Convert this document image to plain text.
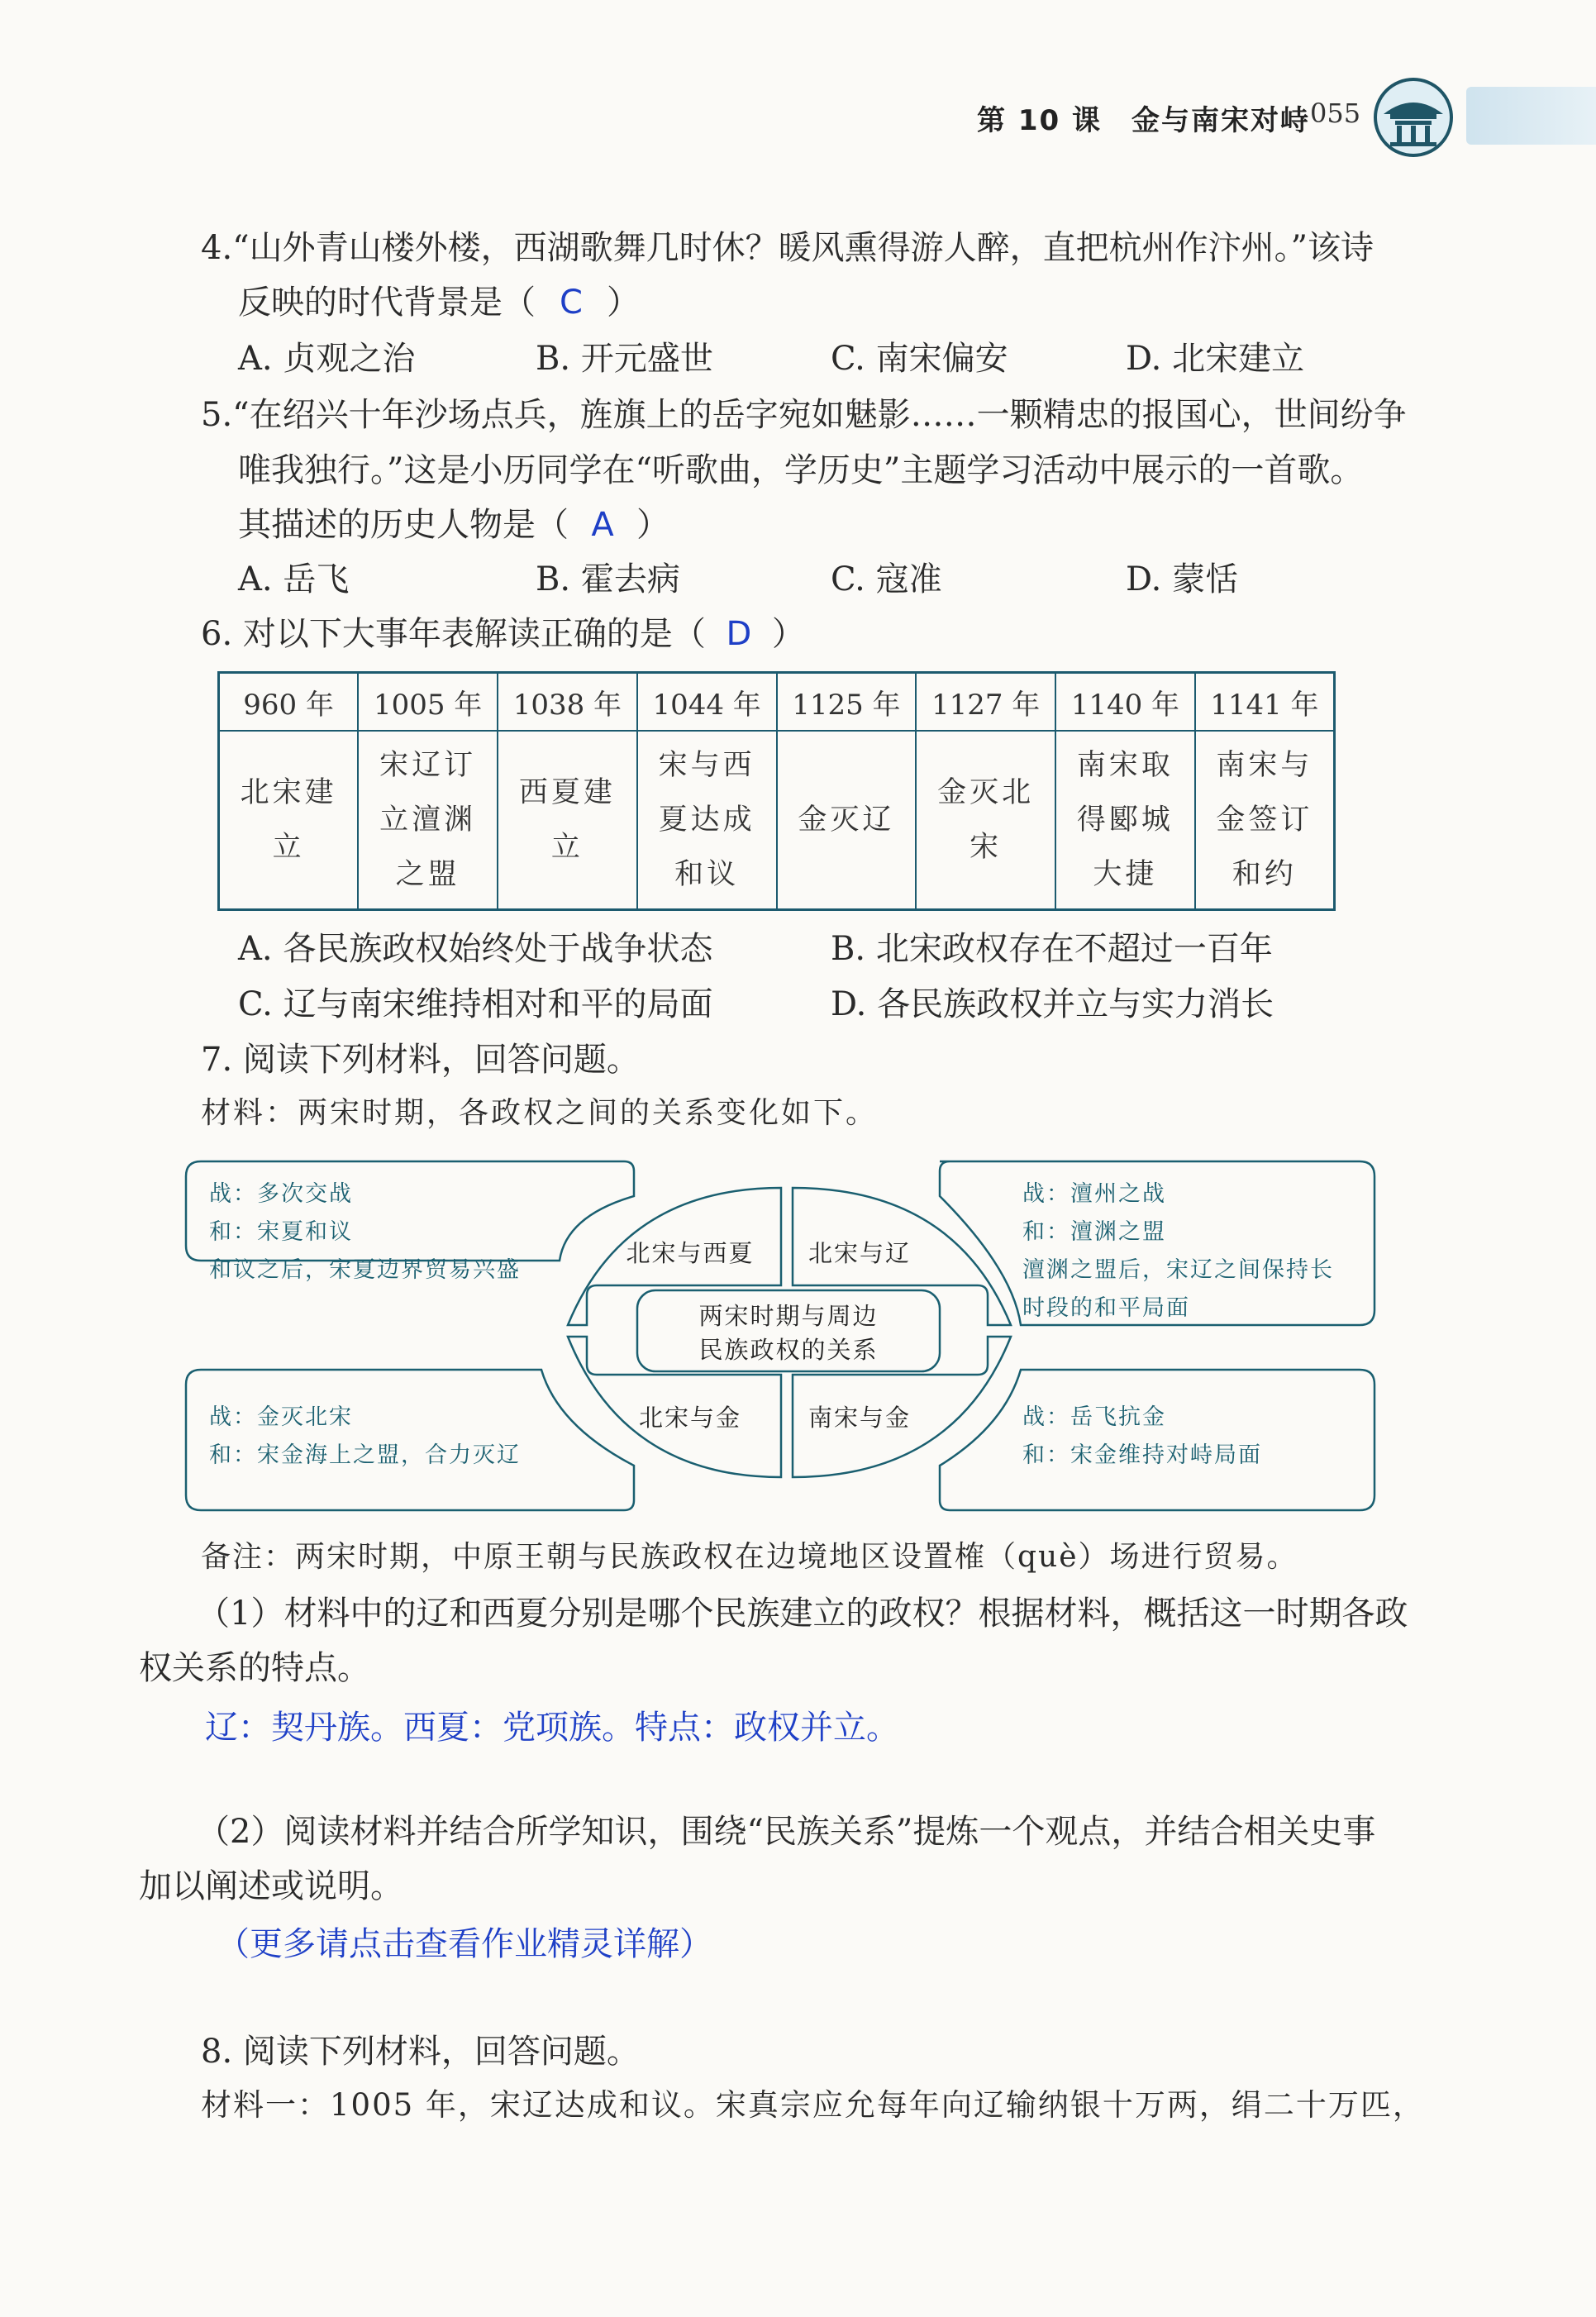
第 10 课　金与南宋对峙 055
4.“山外青山楼外楼，西湖歌舞几时休？暖风熏得游人醉，直把杭州作汴州。”该诗
反映的时代背景是（ C ）
A. 贞观之治	B. 开元盛世	C. 南宋偏安	D. 北宋建立
5.“在绍兴十年沙场点兵，旌旗上的岳字宛如魅影……一颗精忠的报国心，世间纷争
唯我独行。”这是小历同学在“听歌曲，学历史”主题学习活动中展示的一首歌。
其描述的历史人物是（ A ）
A. 岳飞	B. 霍去病	C. 寇准	D. 蒙恬
6. 对以下大事年表解读正确的是（ D ）
960 年	1005 年	1038 年	1044 年	1125 年	1127 年	1140 年	1141 年
北宋建立	宋辽订立澶渊之盟	西夏建立	宋与西夏达成和议	金灭辽	金灭北宋	南宋取得郾城大捷	南宋与金签订和约
A. 各民族政权始终处于战争状态	B. 北宋政权存在不超过一百年
C. 辽与南宋维持相对和平的局面	D. 各民族政权并立与实力消长
7. 阅读下列材料，回答问题。
材料：两宋时期，各政权之间的关系变化如下。
两宋时期与周边
民族政权的关系
北宋与西夏 北宋与辽
北宋与金	南宋与金
战：多次交战
和：宋夏和议
和议之后，宋夏边界贸易兴盛
战：澶州之战
和：澶渊之盟
澶渊之盟后，宋辽之间保持长
时段的和平局面
战：金灭北宋
和：宋金海上之盟，合力灭辽
战：岳飞抗金
和：宋金维持对峙局面
备注：两宋时期，中原王朝与民族政权在边境地区设置榷（què）场进行贸易。
（1）材料中的辽和西夏分别是哪个民族建立的政权？根据材料，概括这一时期各政
权关系的特点。
辽：契丹族。西夏：党项族。特点：政权并立。
（2）阅读材料并结合所学知识，围绕“民族关系”提炼一个观点，并结合相关史事
加以阐述或说明。
（更多请点击查看作业精灵详解）
8. 阅读下列材料，回答问题。
材料一：1005 年，宋辽达成和议。宋真宗应允每年向辽输纳银十万两，绢二十万匹，
